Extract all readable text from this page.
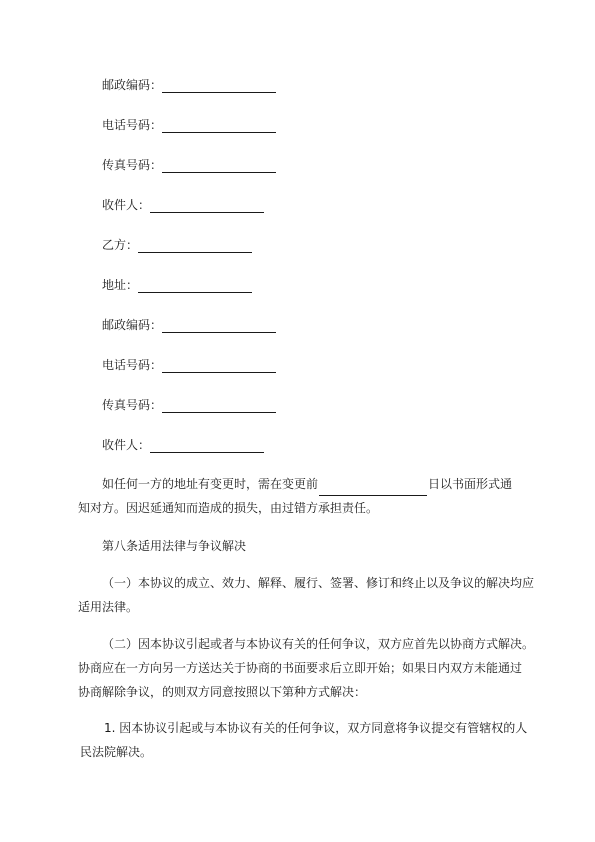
邮政编码：
电话号码：
传真号码：
收件人：
乙方：
地址：
邮政编码：
电话号码：
传真号码：
收件人：
如任何一方的地址有变更时，需在变更前	日以书面形式通
知对方。因迟延通知而造成的损失，由过错方承担责任。
第八条适用法律与争议解决
（一）本协议的成立、效力、解释、履行、签署、修订和终止以及争议的解决均应
适用法律。
（二）因本协议引起或者与本协议有关的任何争议，双方应首先以协商方式解决。
协商应在一方向另一方送达关于协商的书面要求后立即开始；如果日内双方未能通过
协商解除争议，的则双方同意按照以下第种方式解决：
1. 因本协议引起或与本协议有关的任何争议，双方同意将争议提交有管辖权的人
民法院解决。
